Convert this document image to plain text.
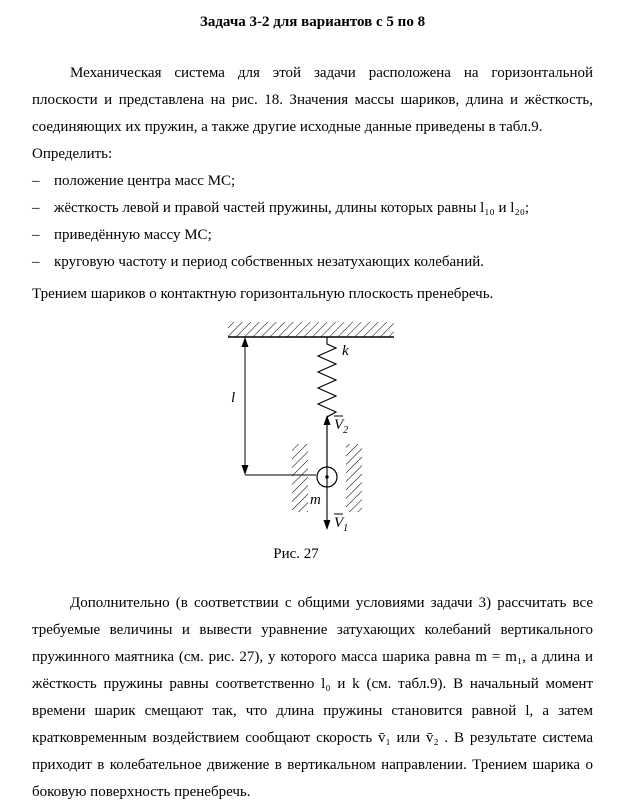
Задача 3-2 для вариантов с 5 по 8

Механическая система для этой задачи расположена на горизонтальной плоскости и представлена на рис. 18. Значения массы шариков, длина и жёсткость, соединяющих их пружин, а также другие исходные данные приведены в табл.9.

Определить:

– положение центра масс МС;
– жёсткость левой и правой частей пружины, длины которых равны l₁₀ и l₂₀;
– приведённую массу МС;
– круговую частоту и период собственных незатухающих колебаний.

Трением шариков о контактную горизонтальную плоскость пренебречь.

k
l
m
$V_2$
$V_1$
Рис. 27

Дополнительно (в соответствии с общими условиями задачи 3) рассчитать все требуемые величины и вывести уравнение затухающих колебаний вертикального пружинного маятника (см. рис. 27), у которого масса шарика равна m = m₁, а длина и жёсткость пружины равны соответственно l₀ и k (см. табл.9). В начальный момент времени шарик смещают так, что длина пружины становится равной l, а затем кратковременным воздействием сообщают скорость v̄₁ или v̄₂ . В результате система приходит в колебательное движение в вертикальном направлении. Трением шарика о боковую поверхность пренебречь.
